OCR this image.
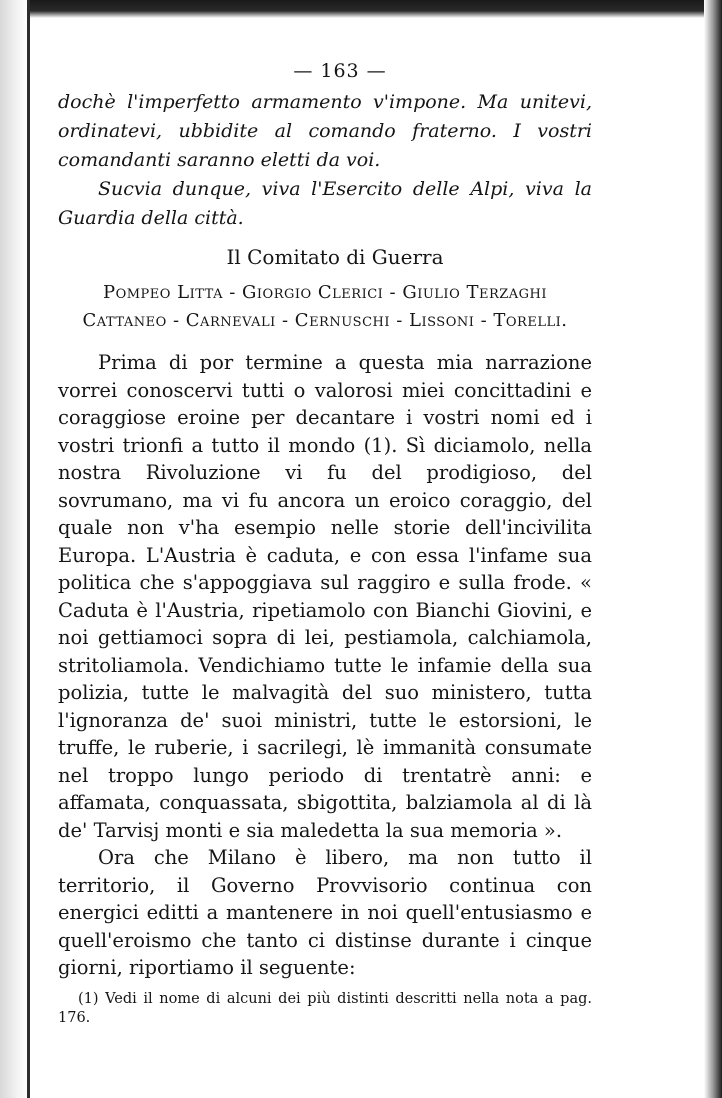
— 163 —

dochè l'imperfetto armamento v'impone. Ma unitevi, ordinatevi, ubbidite al comando fraterno. I vostri comandanti saranno eletti da voi.

Sucvia dunque, viva l'Esercito delle Alpi, viva la Guardia della città.

Il Comitato di Guerra

Pompeo Litta - Giorgio Clerici - Giulio Terzaghi

Cattaneo - Carnevali - Cernuschi - Lissoni - Torelli.

Prima di por termine a questa mia narrazione vorrei conoscervi tutti o valorosi miei concittadini e coraggiose eroine per decantare i vostri nomi ed i vostri trionfi a tutto il mondo (1). Sì diciamolo, nella nostra Rivoluzione vi fu del prodigioso, del sovrumano, ma vi fu ancora un eroico coraggio, del quale non v'ha esempio nelle storie dell'incivilita Europa. L'Austria è caduta, e con essa l'infame sua politica che s'appoggiava sul raggiro e sulla frode. « Caduta è l'Austria, ripetiamolo con Bianchi Giovini, e noi gettiamoci sopra di lei, pestiamola, calchiamola, stritoliamola. Vendichiamo tutte le infamie della sua polizia, tutte le malvagità del suo ministero, tutta l'ignoranza de' suoi ministri, tutte le estorsioni, le truffe, le ruberie, i sacrilegi, lè immanità consumate nel troppo lungo periodo di trentatrè anni: e affamata, conquassata, sbigottita, balziamola al di là de' Tarvisj monti e sia maledetta la sua memoria ».

Ora che Milano è libero, ma non tutto il territorio, il Governo Provvisorio continua con energici editti a mantenere in noi quell'entusiasmo e quell'eroismo che tanto ci distinse durante i cinque giorni, riportiamo il seguente:

(1) Vedi il nome di alcuni dei più distinti descritti nella nota a pag. 176.
